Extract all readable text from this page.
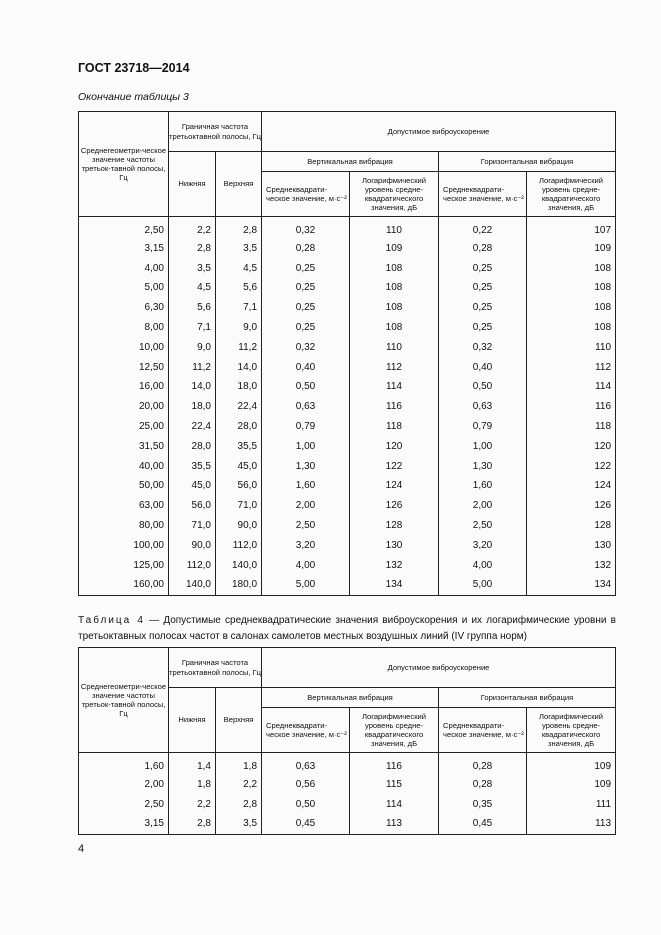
ГОСТ 23718—2014
Окончание таблицы 3
Среднегеометри-ческое значение частоты третьок-тавной полосы, Гц	Граничная частота третьоктавной полосы, Гц		Допустимое виброускорение			
	Нижняя	Верхняя	Вертикальная вибрация		Горизонтальная вибрация	
			Среднеквадрати-ческое значение, м·с⁻²	Логарифмический уровень средне-квадратического значения, дБ	Среднеквадрати-ческое значение, м·с⁻²	Логарифмический уровень средне-квадратического значения, дБ
2,50	2,2	2,8	0,32	110	0,22	107
3,15	2,8	3,5	0,28	109	0,28	109
4,00	3,5	4,5	0,25	108	0,25	108
5,00	4,5	5,6	0,25	108	0,25	108
6,30	5,6	7,1	0,25	108	0,25	108
8,00	7,1	9,0	0,25	108	0,25	108
10,00	9,0	11,2	0,32	110	0,32	110
12,50	11,2	14,0	0,40	112	0,40	112
16,00	14,0	18,0	0,50	114	0,50	114
20,00	18,0	22,4	0,63	116	0,63	116
25,00	22,4	28,0	0,79	118	0,79	118
31,50	28,0	35,5	1,00	120	1,00	120
40,00	35,5	45,0	1,30	122	1,30	122
50,00	45,0	56,0	1,60	124	1,60	124
63,00	56,0	71,0	2,00	126	2,00	126
80,00	71,0	90,0	2,50	128	2,50	128
100,00	90,0	112,0	3,20	130	3,20	130
125,00	112,0	140,0	4,00	132	4,00	132
160,00	140,0	180,0	5,00	134	5,00	134
Таблица 4 — Допустимые среднеквадратические значения виброускорения и их логарифмические уровни в третьоктавных полосах частот в салонах самолетов местных воздушных линий (IV группа норм)
Среднегеометри-ческое значение частоты третьок-тавной полосы, Гц	Граничная частота третьоктавной полосы, Гц		Допустимое виброускорение			
	Нижняя	Верхняя	Вертикальная вибрация		Горизонтальная вибрация	
			Среднеквадрати-ческое значение, м·с⁻²	Логарифмический уровень средне-квадратического значения, дБ	Среднеквадрати-ческое значение, м·с⁻²	Логарифмический уровень средне-квадратического значения, дБ
1,60	1,4	1,8	0,63	116	0,28	109
2,00	1,8	2,2	0,56	115	0,28	109
2,50	2,2	2,8	0,50	114	0,35	111
3,15	2,8	3,5	0,45	113	0,45	113
4
